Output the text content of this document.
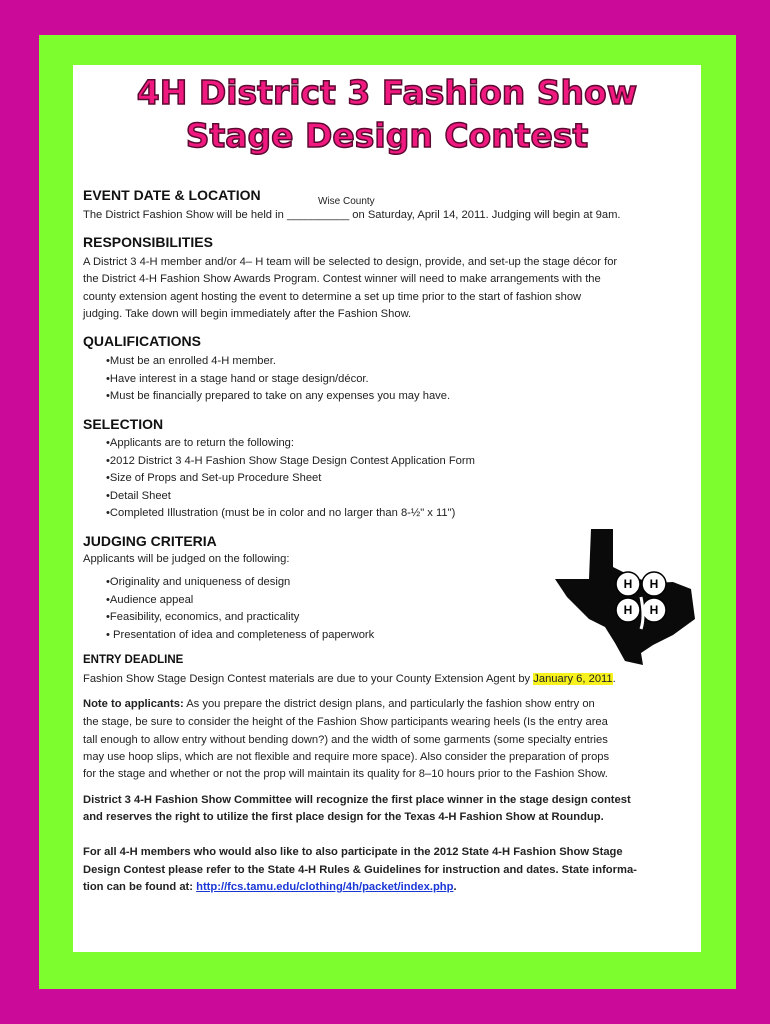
4H District 3 Fashion Show
Stage Design Contest
EVENT DATE & LOCATION	Wise County
The District Fashion Show will be held in __________ on Saturday, April 14, 2011. Judging will begin at 9am.
RESPONSIBILITIES
A District 3 4-H member and/or 4– H team will be selected to design, provide, and set-up the stage décor for
the District 4-H Fashion Show Awards Program. Contest winner will need to make arrangements with the
county extension agent hosting the event to determine a set up time prior to the start of fashion show
judging. Take down will begin immediately after the Fashion Show.
QUALIFICATIONS
• Must be an enrolled 4-H member.
• Have interest in a stage hand or stage design/décor.
• Must be financially prepared to take on any expenses you may have.
SELECTION
• Applicants are to return the following:
• 2012 District 3 4-H Fashion Show Stage Design Contest Application Form
• Size of Props and Set-up Procedure Sheet
• Detail Sheet
• Completed Illustration (must be in color and no larger than 8-½" x 11")
JUDGING CRITERIA
Applicants will be judged on the following:
• Originality and uniqueness of design
• Audience appeal
• Feasibility, economics, and practicality
• Presentation of idea and completeness of paperwork
ENTRY DEADLINE
Fashion Show Stage Design Contest materials are due to your County Extension Agent by January 6, 2011.
Note to applicants: As you prepare the district design plans, and particularly the fashion show entry on
the stage, be sure to consider the height of the Fashion Show participants wearing heels (Is the entry area
tall enough to allow entry without bending down?) and the width of some garments (some specialty entries
may use hoop slips, which are not flexible and require more space). Also consider the preparation of props
for the stage and whether or not the prop will maintain its quality for 8–10 hours prior to the Fashion Show.
District 3 4-H Fashion Show Committee will recognize the first place winner in the stage design contest
and reserves the right to utilize the first place design for the Texas 4-H Fashion Show at Roundup.
For all 4-H members who would also like to also participate in the 2012 State 4-H Fashion Show Stage
Design Contest please refer to the State 4-H Rules & Guidelines for instruction and dates. State informa-
tion can be found at: http://fcs.tamu.edu/clothing/4h/packet/index.php.
H H
H H
